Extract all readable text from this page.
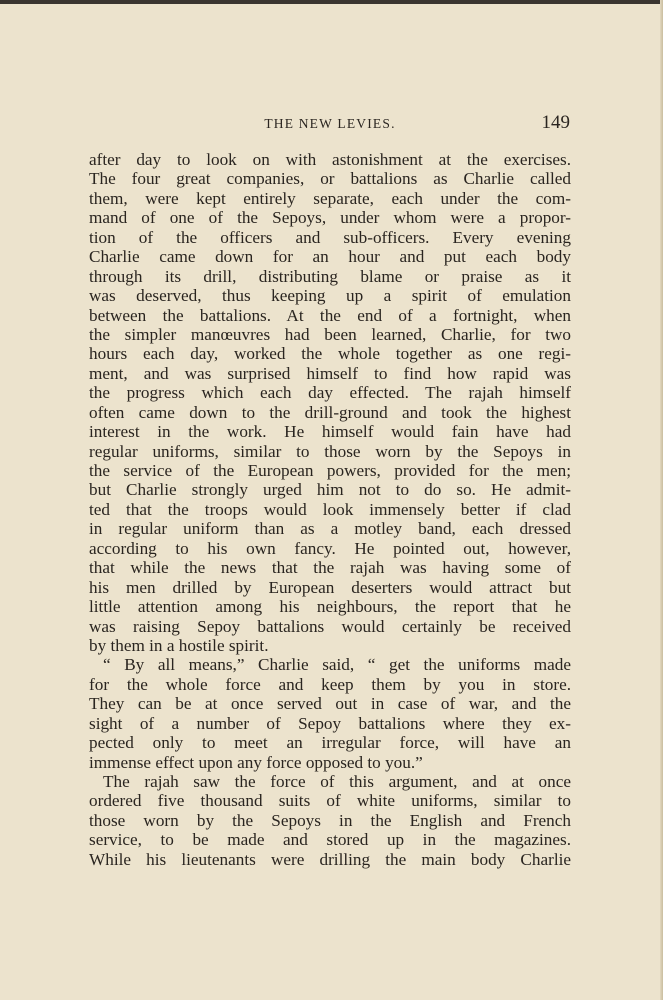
THE NEW LEVIES.	149
after day to look on with astonishment at the exercises.
The four great companies, or battalions as Charlie called
them, were kept entirely separate, each under the com-
mand of one of the Sepoys, under whom were a propor-
tion of the officers and sub-officers. Every evening
Charlie came down for an hour and put each body
through its drill, distributing blame or praise as it
was deserved, thus keeping up a spirit of emulation
between the battalions. At the end of a fortnight, when
the simpler manœuvres had been learned, Charlie, for two
hours each day, worked the whole together as one regi-
ment, and was surprised himself to find how rapid was
the progress which each day effected. The rajah himself
often came down to the drill-ground and took the highest
interest in the work. He himself would fain have had
regular uniforms, similar to those worn by the Sepoys in
the service of the European powers, provided for the men;
but Charlie strongly urged him not to do so. He admit-
ted that the troops would look immensely better if clad
in regular uniform than as a motley band, each dressed
according to his own fancy. He pointed out, however,
that while the news that the rajah was having some of
his men drilled by European deserters would attract but
little attention among his neighbours, the report that he
was raising Sepoy battalions would certainly be received
by them in a hostile spirit.
“ By all means,” Charlie said, “ get the uniforms made
for the whole force and keep them by you in store.
They can be at once served out in case of war, and the
sight of a number of Sepoy battalions where they ex-
pected only to meet an irregular force, will have an
immense effect upon any force opposed to you.”
The rajah saw the force of this argument, and at once
ordered five thousand suits of white uniforms, similar to
those worn by the Sepoys in the English and French
service, to be made and stored up in the magazines.
While his lieutenants were drilling the main body Charlie
